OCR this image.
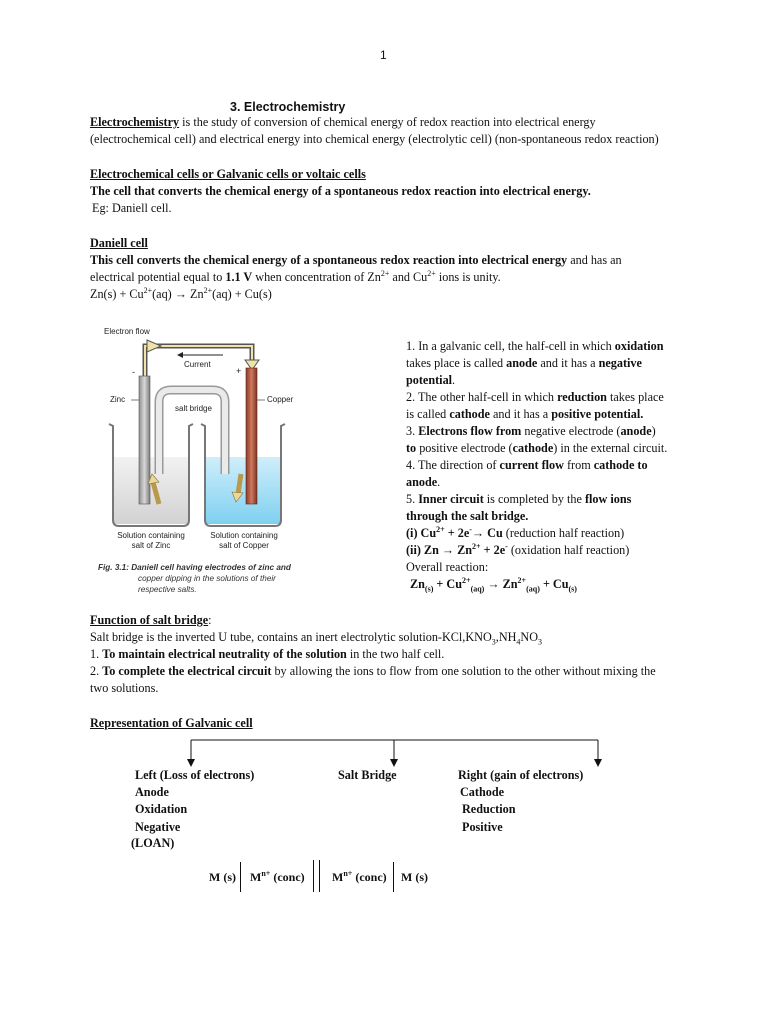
1
3. Electrochemistry
Electrochemistry is the study of conversion of chemical energy of redox reaction into electrical energy
(electrochemical cell) and electrical energy into chemical energy (electrolytic cell) (non-spontaneous redox reaction)
Electrochemical cells or Galvanic cells or voltaic cells
The cell that converts the chemical energy of a spontaneous redox reaction into electrical energy.
Eg: Daniell cell.
Daniell cell
This cell converts the chemical energy of a spontaneous redox reaction into electrical energy and has an
electrical potential equal to 1.1 V when concentration of $Zn^{2+}$ and $Cu^{2+}$ ions is unity.
$Zn(s) + Cu^{2+}(aq) \to Zn^{2+}(aq) + Cu(s)$
Electron flow
Current
Zinc	Copper
salt bridge
-	+
Solution containing
salt of Zinc
Solution containing
salt of Copper
Fig. 3.1: Daniell cell having electrodes of zinc and
copper dipping in the solutions of their
respective salts.
1. In a galvanic cell, the half-cell in which oxidation
takes place is called anode and it has a negative
potential.
2. The other half-cell in which reduction takes place
is called cathode and it has a positive potential.
3. Electrons flow from negative electrode (anode)
to positive electrode (cathode) in the external circuit.
4. The direction of current flow from cathode to
anode.
5. Inner circuit is completed by the flow ions
through the salt bridge.
(i) $Cu^{2+} + 2e^-\to Cu$ (reduction half reaction)
(ii) $Zn \to Zn^{2+} + 2e^-$ (oxidation half reaction)
Overall reaction:
$Zn_{(s)} + Cu^{2+}_{(aq)} \to Zn^{2+}_{(aq)} + Cu_{(s)}$
Function of salt bridge:
Salt bridge is the inverted U tube, contains an inert electrolytic solution-$KCl,KNO_3,NH_4NO_3$
1. To maintain electrical neutrality of the solution in the two half cell.
2. To complete the electrical circuit by allowing the ions to flow from one solution to the other without mixing the
two solutions.
Representation of Galvanic cell
Left (Loss of electrons)
Anode
Oxidation
Negative
(LOAN)
Salt Bridge	Right (gain of electrons)
Cathode
Reduction
Positive
M (s) $M^{n+}$ (conc) $M^{n+}$ (conc) M (s)
